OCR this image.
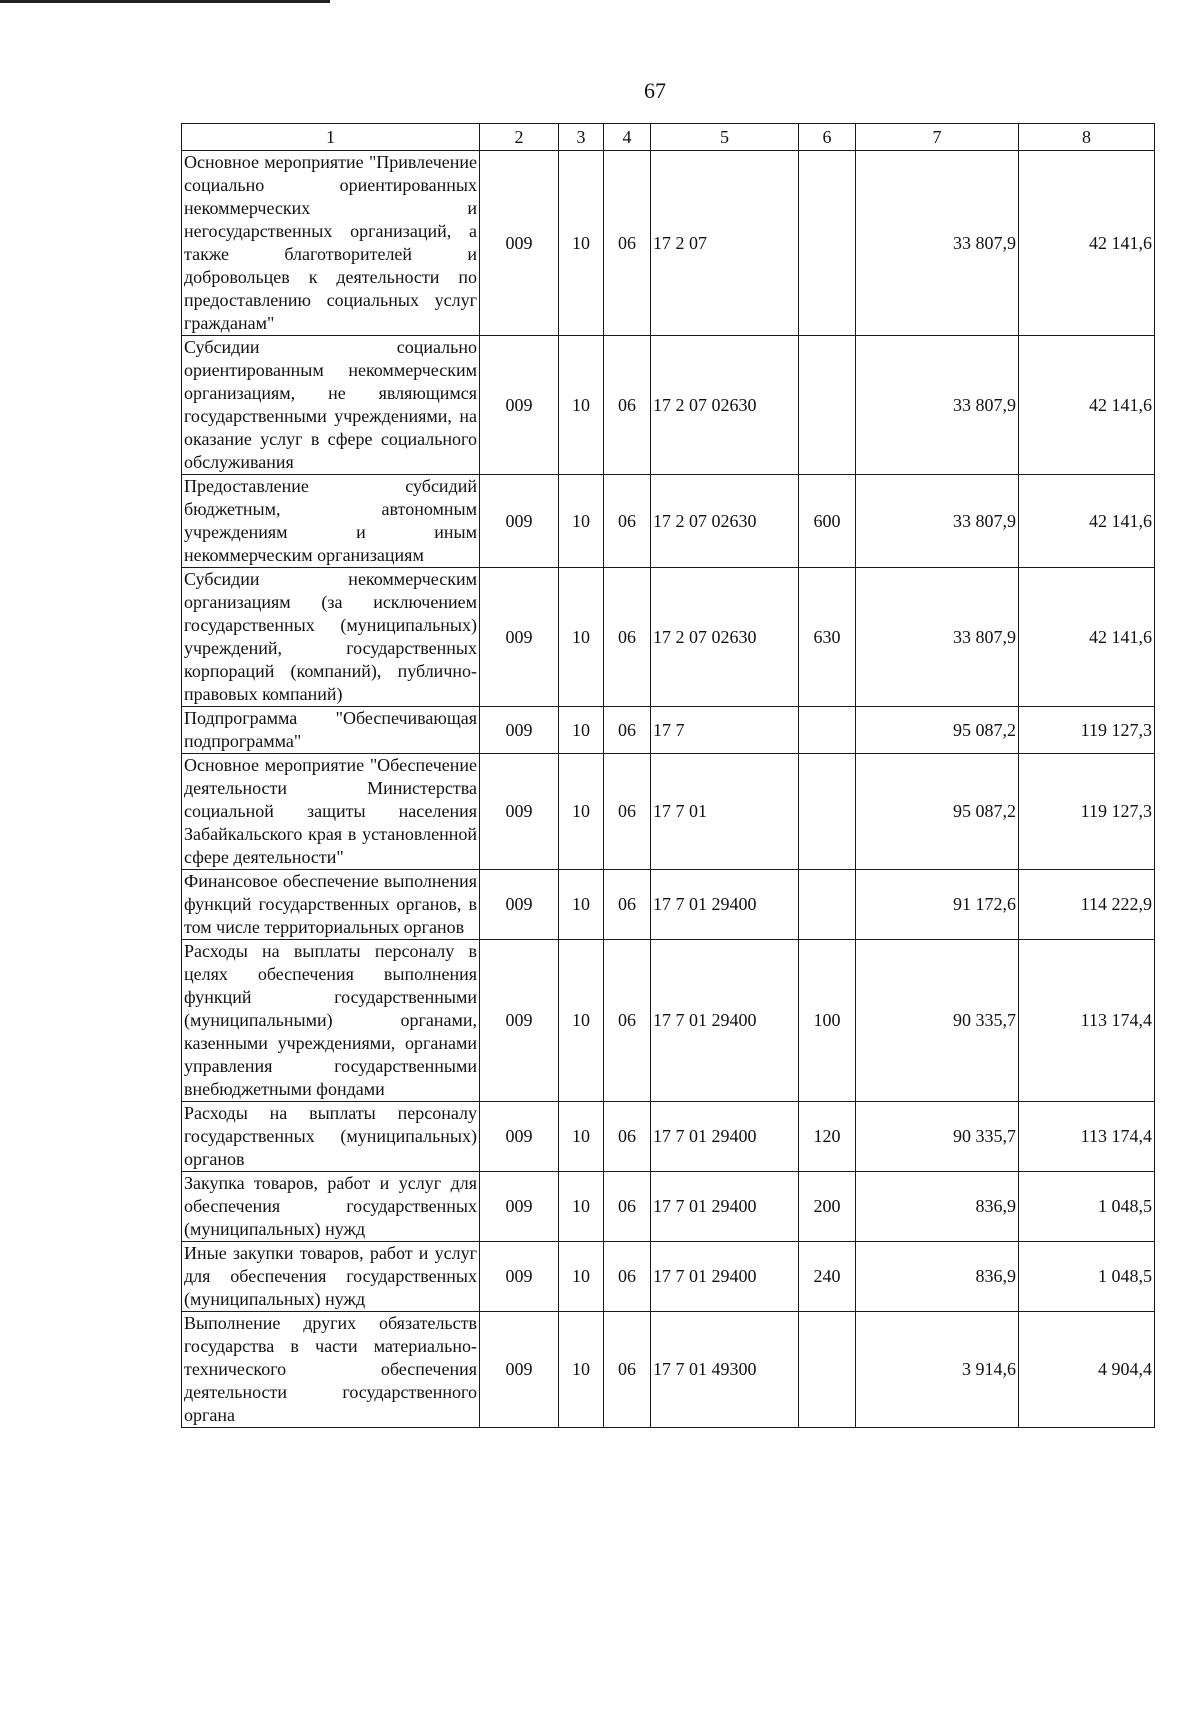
67
1	2	3	4	5	6	7	8
Основное мероприятие "Привлечение социально ориентированных некоммерческих и негосударственных организаций, а также благотворителей и добровольцев к деятельности по предоставлению социальных услуг гражданам"	009	10	06	17 2 07		33 807,9	42 141,6
Субсидии социально ориентированным некоммерческим организациям, не являющимся государственными учреждениями, на оказание услуг в сфере социального обслуживания	009	10	06	17 2 07 02630		33 807,9	42 141,6
Предоставление субсидий бюджетным, автономным учреждениям и иным некоммерческим организациям	009	10	06	17 2 07 02630	600	33 807,9	42 141,6
Субсидии некоммерческим организациям (за исключением государственных (муниципальных) учреждений, государственных корпораций (компаний), публично-правовых компаний)	009	10	06	17 2 07 02630	630	33 807,9	42 141,6
Подпрограмма "Обеспечивающая подпрограмма"	009	10	06	17 7		95 087,2	119 127,3
Основное мероприятие "Обеспечение деятельности Министерства социальной защиты населения Забайкальского края в установленной сфере деятельности"	009	10	06	17 7 01		95 087,2	119 127,3
Финансовое обеспечение выполнения функций государственных органов, в том числе территориальных органов	009	10	06	17 7 01 29400		91 172,6	114 222,9
Расходы на выплаты персоналу в целях обеспечения выполнения функций государственными (муниципальными) органами, казенными учреждениями, органами управления государственными внебюджетными фондами	009	10	06	17 7 01 29400	100	90 335,7	113 174,4
Расходы на выплаты персоналу государственных (муниципальных) органов	009	10	06	17 7 01 29400	120	90 335,7	113 174,4
Закупка товаров, работ и услуг для обеспечения государственных (муниципальных) нужд	009	10	06	17 7 01 29400	200	836,9	1 048,5
Иные закупки товаров, работ и услуг для обеспечения государственных (муниципальных) нужд	009	10	06	17 7 01 29400	240	836,9	1 048,5
Выполнение других обязательств государства в части материально-технического обеспечения деятельности государственного органа	009	10	06	17 7 01 49300		3 914,6	4 904,4
